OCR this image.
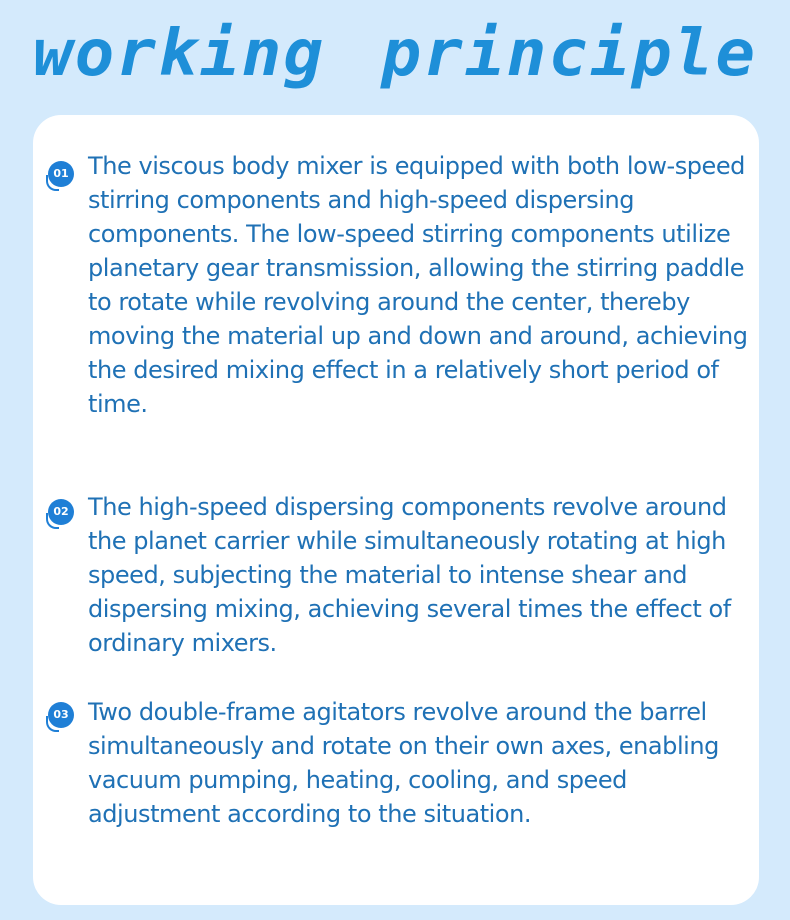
working principle
01 The viscous body mixer is equipped with both low-speed stirring components and high-speed dispersing components. The low-speed stirring components utilize planetary gear transmission, allowing the stirring paddle to rotate while revolving around the center, thereby moving the material up and down and around, achieving the desired mixing effect in a relatively short period of time.

02 The high-speed dispersing components revolve around the planet carrier while simultaneously rotating at high speed, subjecting the material to intense shear and dispersing mixing, achieving several times the effect of ordinary mixers.

03 Two double-frame agitators revolve around the barrel simultaneously and rotate on their own axes, enabling vacuum pumping, heating, cooling, and speed adjustment according to the situation.
